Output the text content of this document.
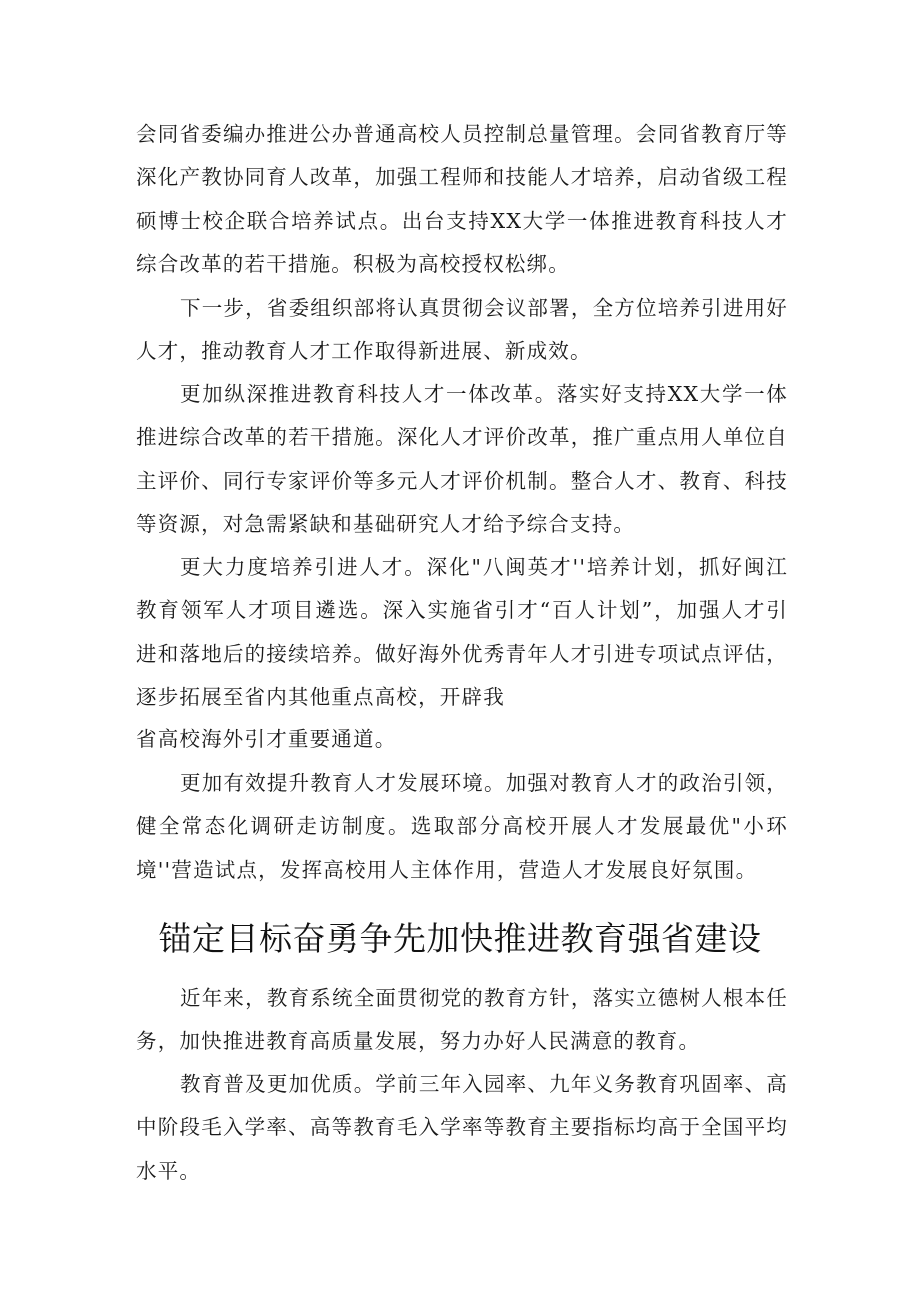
会同省委编办推进公办普通高校人员控制总量管理。会同省教育厅等深化产教协同育人改革，加强工程师和技能人才培养，启动省级工程硕博士校企联合培养试点。出台支持XX大学一体推进教育科技人才综合改革的若干措施。积极为高校授权松绑。

下一步，省委组织部将认真贯彻会议部署，全方位培养引进用好人才，推动教育人才工作取得新进展、新成效。

更加纵深推进教育科技人才一体改革。落实好支持XX大学一体推进综合改革的若干措施。深化人才评价改革，推广重点用人单位自主评价、同行专家评价等多元人才评价机制。整合人才、教育、科技等资源，对急需紧缺和基础研究人才给予综合支持。

更大力度培养引进人才。深化"八闽英才''培养计划，抓好闽江教育领军人才项目遴选。深入实施省引才“百人计划”，加强人才引进和落地后的接续培养。做好海外优秀青年人才引进专项试点评估，逐步拓展至省内其他重点高校，开辟我

省高校海外引才重要通道。

更加有效提升教育人才发展环境。加强对教育人才的政治引领，健全常态化调研走访制度。选取部分高校开展人才发展最优"小环境''营造试点，发挥高校用人主体作用，营造人才发展良好氛围。

锚定目标奋勇争先加快推进教育强省建设

近年来，教育系统全面贯彻党的教育方针，落实立德树人根本任务，加快推进教育高质量发展，努力办好人民满意的教育。

教育普及更加优质。学前三年入园率、九年义务教育巩固率、高中阶段毛入学率、高等教育毛入学率等教育主要指标均高于全国平均水平。
